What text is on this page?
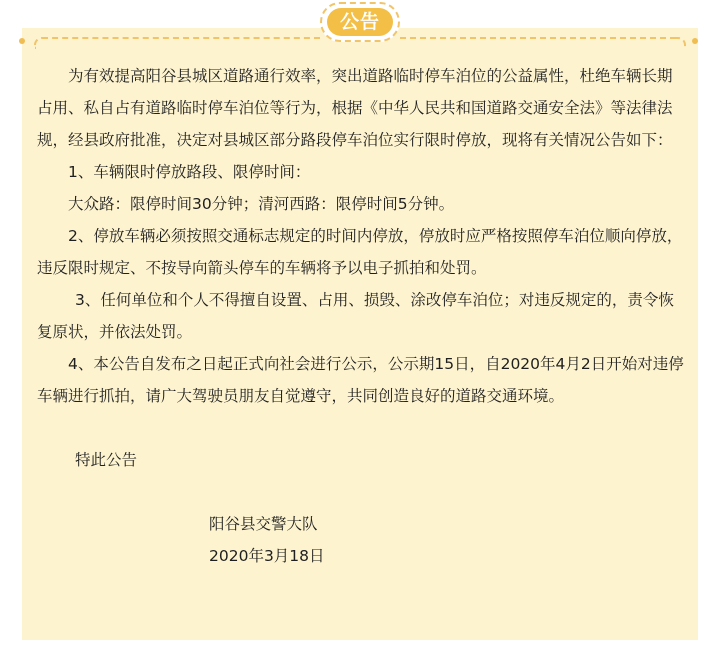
公告

为有效提高阳谷县城区道路通行效率，突出道路临时停车泊位的公益属性，杜绝车辆长期占用、私自占有道路临时停车泊位等行为，根据《中华人民共和国道路交通安全法》等法律法规，经县政府批准，决定对县城区部分路段停车泊位实行限时停放，现将有关情况公告如下：

1、车辆限时停放路段、限停时间：

大众路：限停时间30分钟；清河西路：限停时间5分钟。

2、停放车辆必须按照交通标志规定的时间内停放，停放时应严格按照停车泊位顺向停放，违反限时规定、不按导向箭头停车的车辆将予以电子抓拍和处罚。

3、任何单位和个人不得擅自设置、占用、损毁、涂改停车泊位；对违反规定的，责令恢复原状，并依法处罚。

4、本公告自发布之日起正式向社会进行公示，公示期15日，自2020年4月2日开始对违停车辆进行抓拍，请广大驾驶员朋友自觉遵守，共同创造良好的道路交通环境。

特此公告

阳谷县交警大队

2020年3月18日
